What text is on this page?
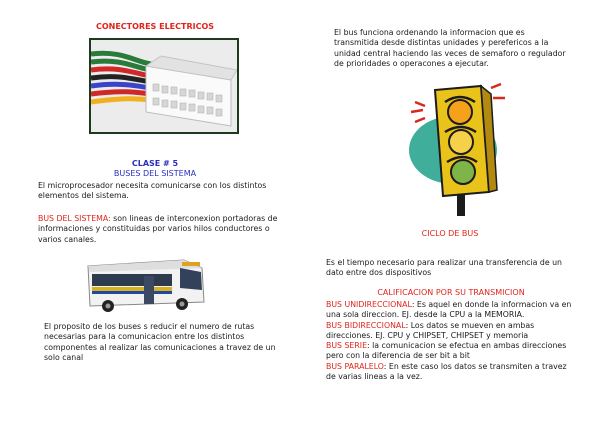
CONECTORES ELECTRICOS
CLASE # 5
BUSES DEL SISTEMA
El microprocesador necesita comunicarse con los distintos elementos del sistema.
BUS DEL SISTEMA: son lineas de interconexion portadoras de informaciones y constituidas por varios hilos conductores o varios canales.
El proposito de los buses s reducir el numero de rutas necesarias para la comunicacion entre los distintos componentes al realizar las comunicaciones a travez de un solo canal
El bus funciona ordenando la informacion que es transmitida desde distintas unidades y perefericos a la unidad central haciendo las veces de semaforo o regulador de prioridades o operacones a ejecutar.
CICLO DE BUS
Es el tiempo necesario para realizar una transferencia de un dato entre dos dispositivos
CALIFICACION POR SU TRANSMICION
BUS UNIDIRECCIONAL: Es aquel en donde la informacion va en una sola direccion. EJ. desde la CPU a la MEMORIA.
BUS BIDIRECCIONAL: Los datos se mueven en ambas direcciones. EJ. CPU y CHIPSET, CHIPSET y memoria
BUS SERIE: la comunicacion se efectua en ambas direcciones pero con la diferencia de ser bit a bit
BUS PARALELO: En este caso los datos se transmiten a travez de varias lineas a la vez.
